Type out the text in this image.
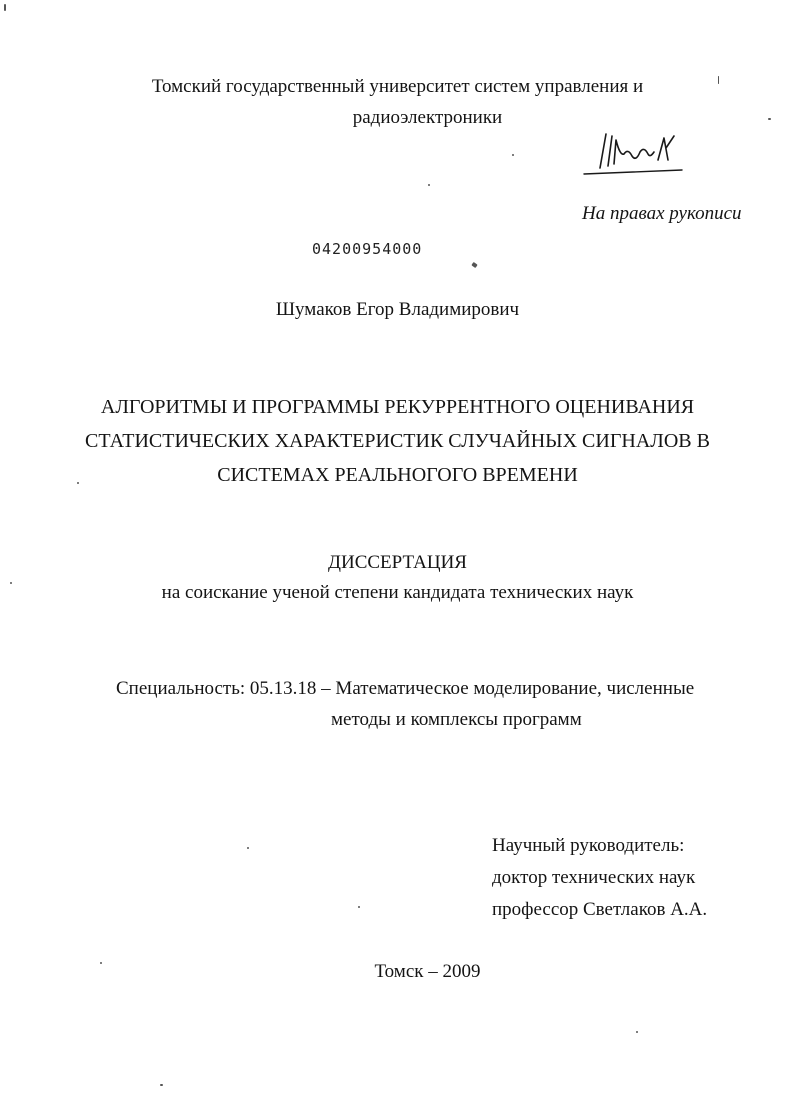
Томский государственный университет систем управления и
радиоэлектроники
На правах рукописи
04200954000
Шумаков Егор Владимирович
АЛГОРИТМЫ И ПРОГРАММЫ РЕКУРРЕНТНОГО ОЦЕНИВАНИЯ
СТАТИСТИЧЕСКИХ ХАРАКТЕРИСТИК СЛУЧАЙНЫХ СИГНАЛОВ В
СИСТЕМАХ РЕАЛЬНОГОГО ВРЕМЕНИ
ДИССЕРТАЦИЯ
на соискание ученой степени кандидата технических наук
Специальность: 05.13.18 – Математическое моделирование, численные
методы и комплексы программ
Научный руководитель:
доктор технических наук
профессор Светлаков А.А.
Томск – 2009
